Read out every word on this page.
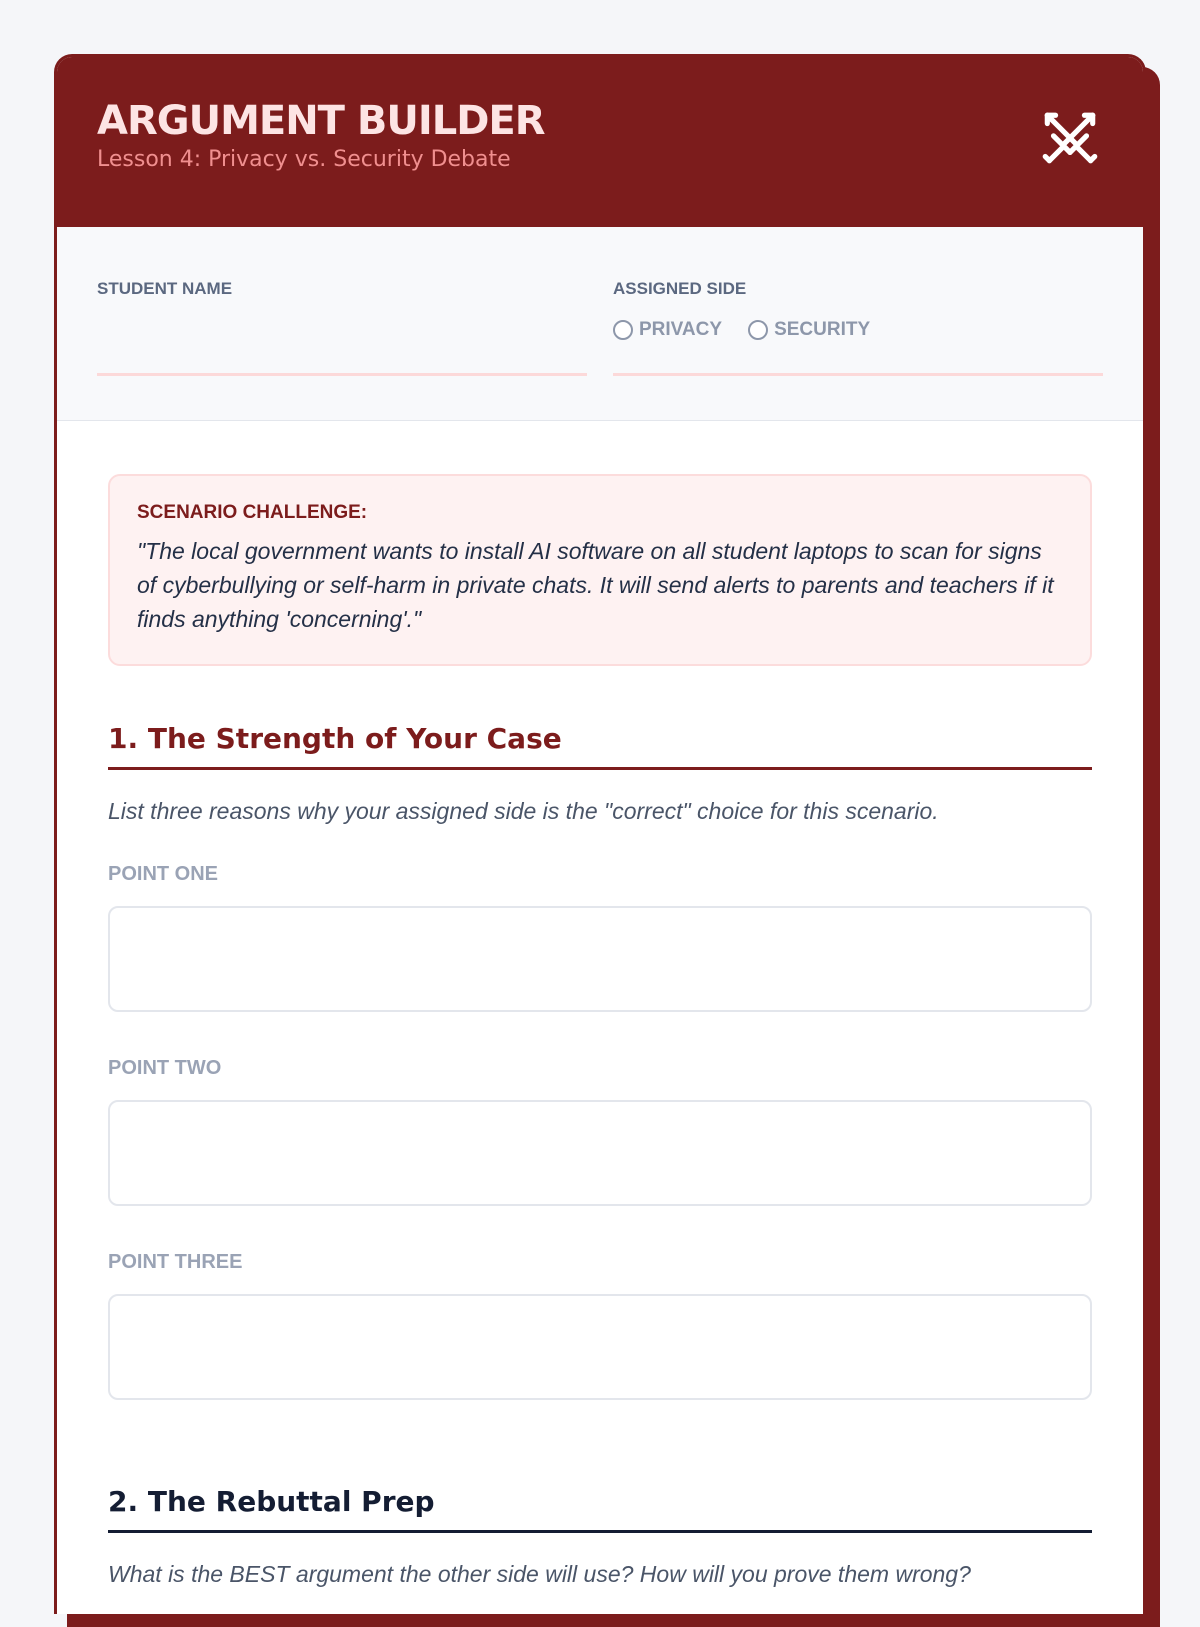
ARGUMENT BUILDER
Lesson 4: Privacy vs. Security Debate
STUDENT NAME	ASSIGNED SIDE
PRIVACY	SECURITY
SCENARIO CHALLENGE:
"The local government wants to install AI software on all student laptops to scan for signs of cyberbullying or self-harm in private chats. It will send alerts to parents and teachers if it finds anything 'concerning'."
1. The Strength of Your Case
List three reasons why your assigned side is the "correct" choice for this scenario.
POINT ONE
POINT TWO
POINT THREE
2. The Rebuttal Prep
What is the BEST argument the other side will use? How will you prove them wrong?
